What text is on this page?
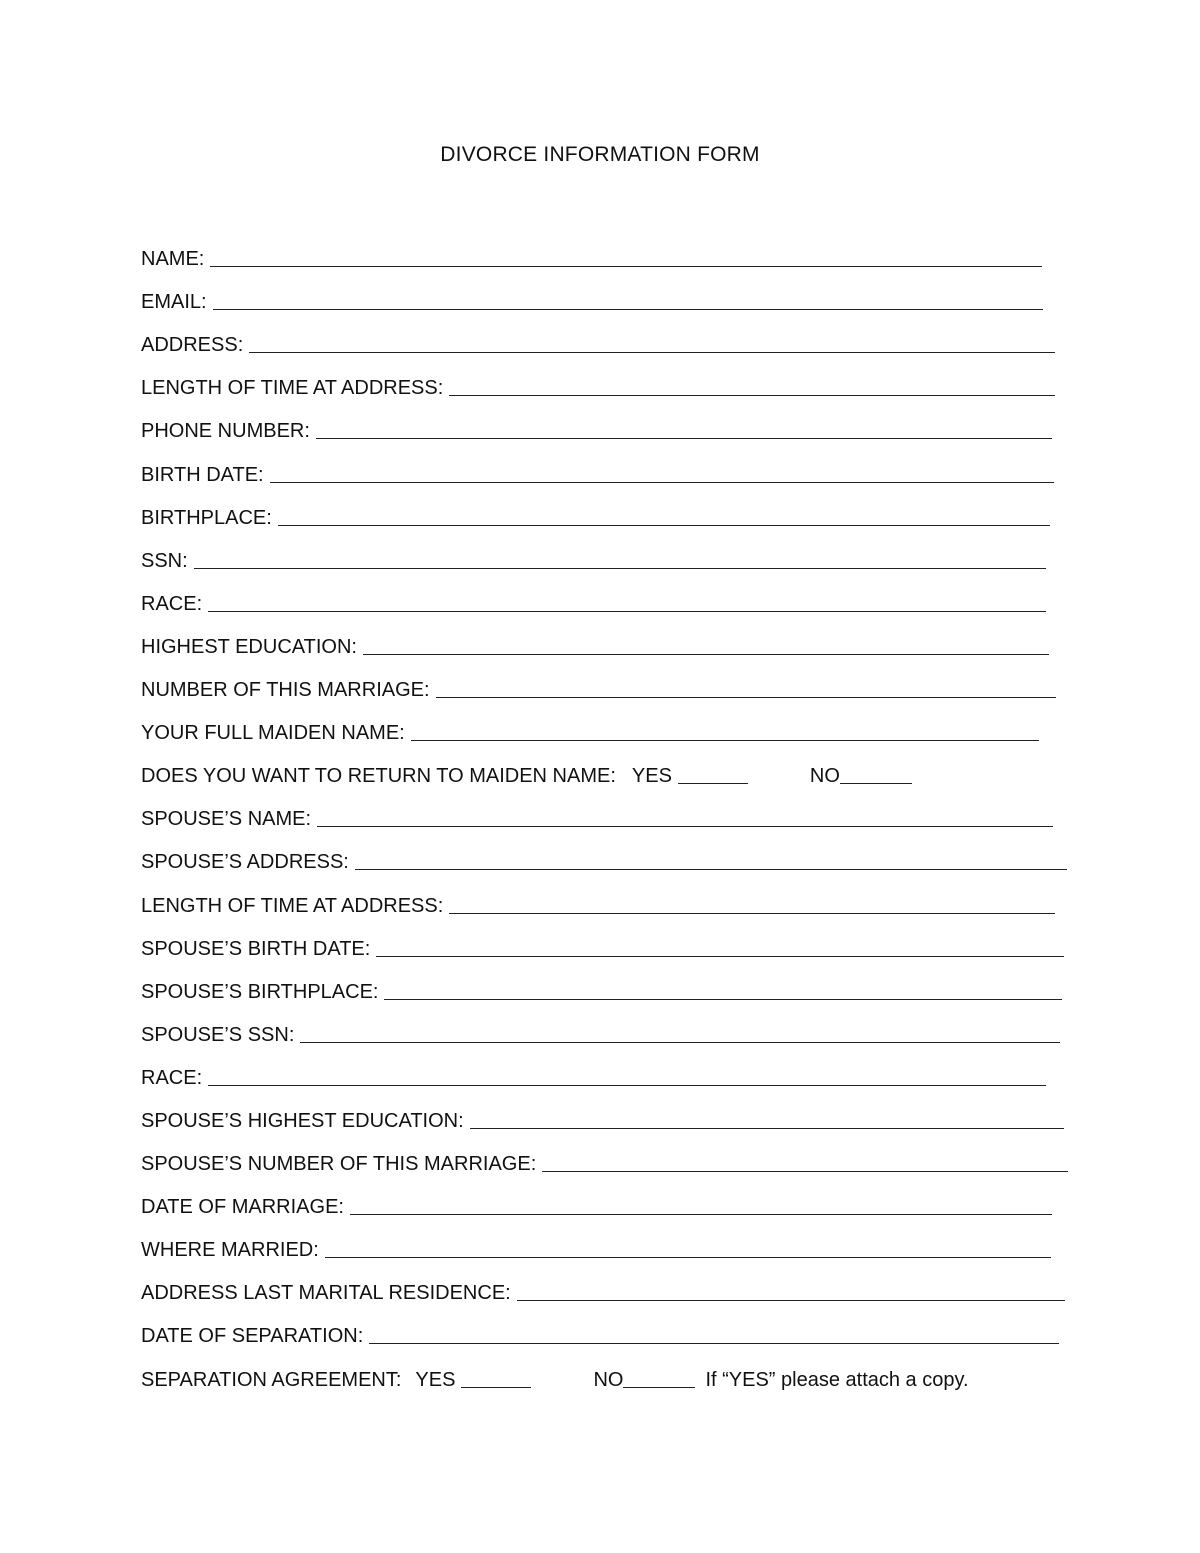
DIVORCE INFORMATION FORM
NAME:
EMAIL:
ADDRESS:
LENGTH OF TIME AT ADDRESS:
PHONE NUMBER:
BIRTH DATE:
BIRTHPLACE:
SSN:
RACE:
HIGHEST EDUCATION:
NUMBER OF THIS MARRIAGE:
YOUR FULL MAIDEN NAME:
DOES YOU WANT TO RETURN TO MAIDEN NAME: YES	NO
SPOUSE’S NAME:
SPOUSE’S ADDRESS:
LENGTH OF TIME AT ADDRESS:
SPOUSE’S BIRTH DATE:
SPOUSE’S BIRTHPLACE:
SPOUSE’S SSN:
RACE:
SPOUSE’S HIGHEST EDUCATION:
SPOUSE’S NUMBER OF THIS MARRIAGE:
DATE OF MARRIAGE:
WHERE MARRIED:
ADDRESS LAST MARITAL RESIDENCE:
DATE OF SEPARATION:
SEPARATION AGREEMENT: YES	NO	If “YES” please attach a copy.
